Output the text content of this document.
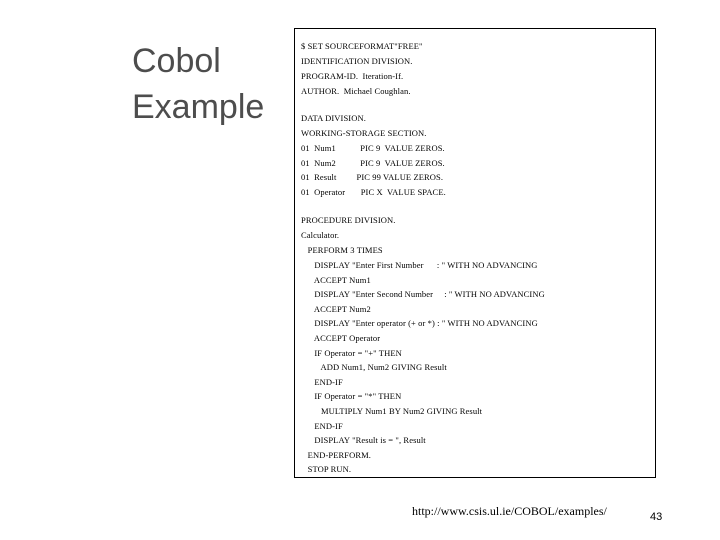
Cobol
Example
$ SET SOURCEFORMAT"FREE"
IDENTIFICATION DIVISION.
PROGRAM-ID.  Iteration-If.
AUTHOR.  Michael Coughlan.
DATA DIVISION.
WORKING-STORAGE SECTION.
01  Num1           PIC 9  VALUE ZEROS.
01  Num2           PIC 9  VALUE ZEROS.
01  Result         PIC 99 VALUE ZEROS.
01  Operator       PIC X  VALUE SPACE.
PROCEDURE DIVISION.
Calculator.
PERFORM 3 TIMES
DISPLAY "Enter First Number      : " WITH NO ADVANCING
ACCEPT Num1
DISPLAY "Enter Second Number     : " WITH NO ADVANCING
ACCEPT Num2
DISPLAY "Enter operator (+ or *) : " WITH NO ADVANCING
ACCEPT Operator
IF Operator = "+" THEN
ADD Num1, Num2 GIVING Result
END-IF
IF Operator = "*" THEN
MULTIPLY Num1 BY Num2 GIVING Result
END-IF
DISPLAY "Result is = ", Result
END-PERFORM.
STOP RUN.
http://www.csis.ul.ie/COBOL/examples/	43
